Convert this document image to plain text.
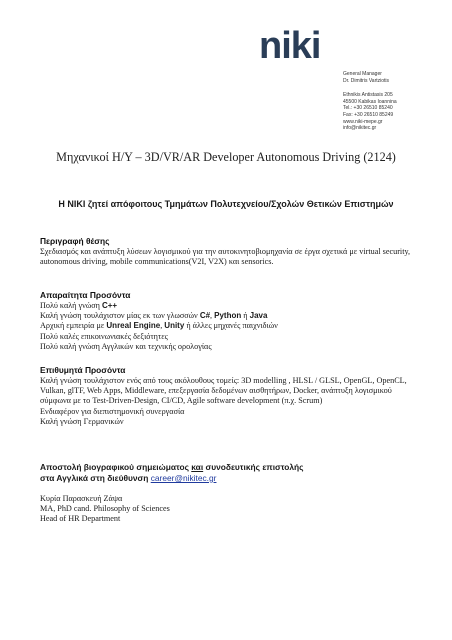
niki
General Manager
Dr. Dimitris Vartziotis
Ethnikis Antistasis 205
45500 Kabikas Ioannina
Tel.: +30 26510 85240
Fax: +30 26510 85249
www.niki-mepe.gr
info@nikitec.gr
Μηχανικοί Η/Υ – 3D/VR/AR Developer Autonomous Driving (2124)
Η NIKI ζητεί απόφοιτους Τμημάτων Πολυτεχνείου/Σχολών Θετικών Επιστημών
Περιγραφή θέσης
Σχεδιασμός και ανάπτυξη λύσεων λογισμικού για την αυτοκινητοβιομηχανία σε έργα σχετικά με virtual security, autonomous driving, mobile communications(V2I, V2X) και sensorics.
Απαραίτητα Προσόντα
Πολύ καλή γνώση C++
Καλή γνώση τουλάχιστον μίας εκ των γλωσσών C#, Python ή Java
Αρχική εμπειρία με Unreal Engine, Unity ή άλλες μηχανές παιχνιδιών
Πολύ καλές επικοινωνιακές δεξιότητες
Πολύ καλή γνώση Αγγλικών και τεχνικής ορολογίας
Επιθυμητά Προσόντα
Καλή γνώση τουλάχιστον ενός από τους ακόλουθους τομείς: 3D modelling , HLSL / GLSL, OpenGL, OpenCL, Vulkan, glTF, Web Apps, Middleware, επεξεργασία δεδομένων αισθητήρων, Docker, ανάπτυξη λογισμικού σύμφωνα με το Test-Driven-Design, CI/CD, Agile software development (π.χ. Scrum)
Ενδιαφέρον για διεπιστημονική συνεργασία
Καλή γνώση Γερμανικών
Αποστολή βιογραφικού σημειώματος και συνοδευτικής επιστολής
στα Αγγλικά στη διεύθυνση career@nikitec.gr
Κυρία Παρασκευή Ζάψα
MA, PhD cand. Philosophy of Sciences
Head of HR Department
